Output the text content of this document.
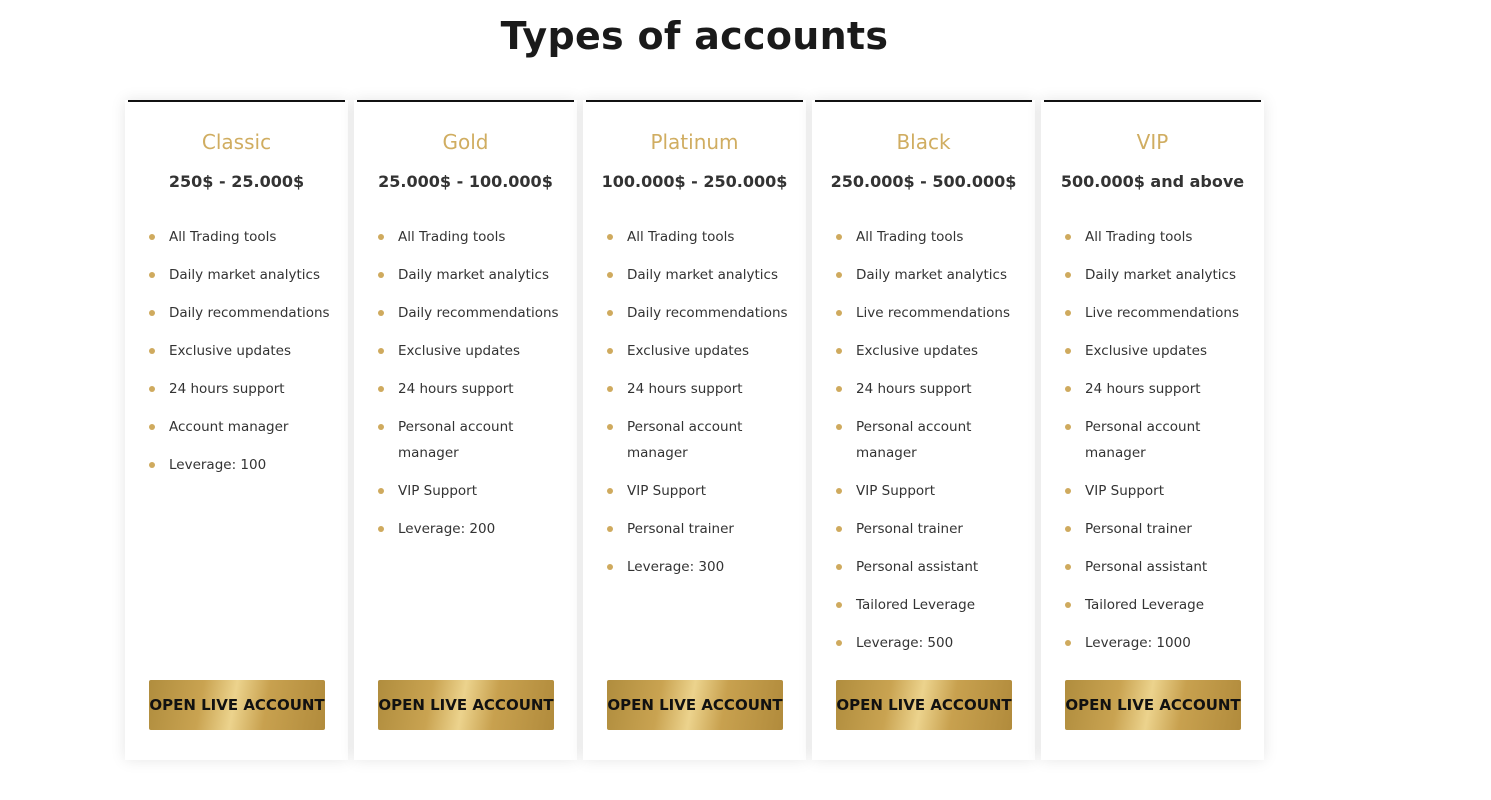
Types of accounts
Classic
250$ - 25.000$
All Trading tools
Daily market analytics
Daily recommendations
Exclusive updates
24 hours support
Account manager
Leverage: 100
OPEN LIVE ACCOUNT
Gold
25.000$ - 100.000$
All Trading tools
Daily market analytics
Daily recommendations
Exclusive updates
24 hours support
Personal account manager
VIP Support
Leverage: 200
OPEN LIVE ACCOUNT
Platinum
100.000$ - 250.000$
All Trading tools
Daily market analytics
Daily recommendations
Exclusive updates
24 hours support
Personal account manager
VIP Support
Personal trainer
Leverage: 300
OPEN LIVE ACCOUNT
Black
250.000$ - 500.000$
All Trading tools
Daily market analytics
Live recommendations
Exclusive updates
24 hours support
Personal account manager
VIP Support
Personal trainer
Personal assistant
Tailored Leverage
Leverage: 500
OPEN LIVE ACCOUNT
VIP
500.000$ and above
All Trading tools
Daily market analytics
Live recommendations
Exclusive updates
24 hours support
Personal account manager
VIP Support
Personal trainer
Personal assistant
Tailored Leverage
Leverage: 1000
OPEN LIVE ACCOUNT
